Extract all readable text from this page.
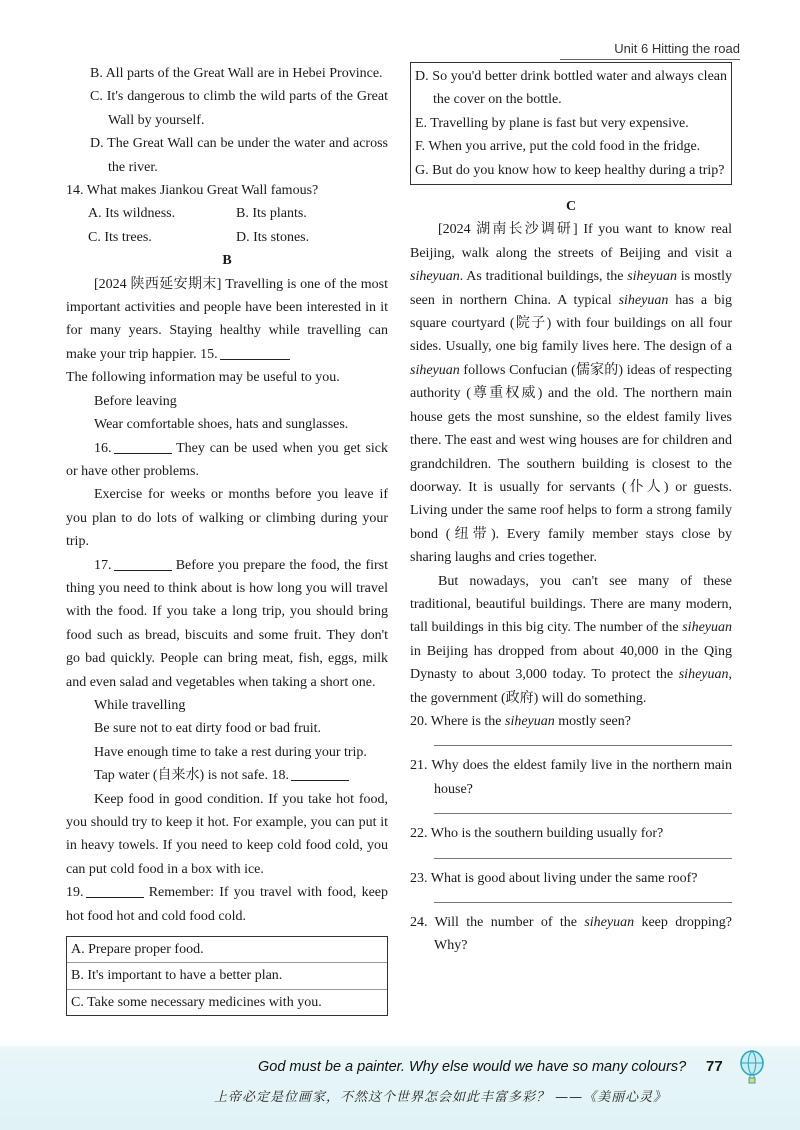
Unit 6 Hitting the road

B. All parts of the Great Wall are in Hebei Province.

C. It's dangerous to climb the wild parts of the Great Wall by yourself.

D. The Great Wall can be under the water and across the river.

14. What makes Jiankou Great Wall famous?

A. Its wildness.	B. Its plants.
C. Its trees.	D. Its stones.

B

[2024 陕西延安期末] Travelling is one of the most important activities and people have been interested in it for many years. Staying healthy while travelling can make your trip happier. 15.

The following information may be useful to you.

Before leaving

Wear comfortable shoes, hats and sunglasses.

16.	They can be used when you get sick or have other problems.

Exercise for weeks or months before you leave if you plan to do lots of walking or climbing during your trip.

17.	Before you prepare the food, the first thing you need to think about is how long you will travel with the food. If you take a long trip, you should bring food such as bread, biscuits and some fruit. They don't go bad quickly. People can bring meat, fish, eggs, milk and even salad and vegetables when taking a short one.

While travelling

Be sure not to eat dirty food or bad fruit.

Have enough time to take a rest during your trip.

Tap water (自来水) is not safe. 18.

Keep food in good condition. If you take hot food, you should try to keep it hot. For example, you can put it in heavy towels. If you need to keep cold food cold, you can put cold food in a box with ice.

19.	Remember: If you travel with food, keep hot food hot and cold food cold.

A. Prepare proper food.
B. It's important to have a better plan.
C. Take some necessary medicines with you.

D. So you'd better drink bottled water and always clean the cover on the bottle.

E. Travelling by plane is fast but very expensive.

F. When you arrive, put the cold food in the fridge.

G. But do you know how to keep healthy during a trip?

C

[2024 湖南长沙调研] If you want to know real Beijing, walk along the streets of Beijing and visit a siheyuan. As traditional buildings, the siheyuan is mostly seen in northern China. A typical siheyuan has a big square courtyard (院子) with four buildings on all four sides. Usually, one big family lives here. The design of a siheyuan follows Confucian (儒家的) ideas of respecting authority (尊重权威) and the old. The northern main house gets the most sunshine, so the eldest family lives there. The east and west wing houses are for children and grandchildren. The southern building is closest to the doorway. It is usually for servants (仆人) or guests. Living under the same roof helps to form a strong family bond (纽带). Every family member stays close by sharing laughs and cries together.

But nowadays, you can't see many of these traditional, beautiful buildings. There are many modern, tall buildings in this big city. The number of the siheyuan in Beijing has dropped from about 40,000 in the Qing Dynasty to about 3,000 today. To protect the siheyuan, the government (政府) will do something.

20. Where is the siheyuan mostly seen?

21. Why does the eldest family live in the northern main house?

22. Who is the southern building usually for?

23. What is good about living under the same roof?

24. Will the number of the siheyuan keep dropping? Why?

God must be a painter. Why else would we have so many colours? 77
上帝必定是位画家，不然这个世界怎会如此丰富多彩？ ——《美丽心灵》
